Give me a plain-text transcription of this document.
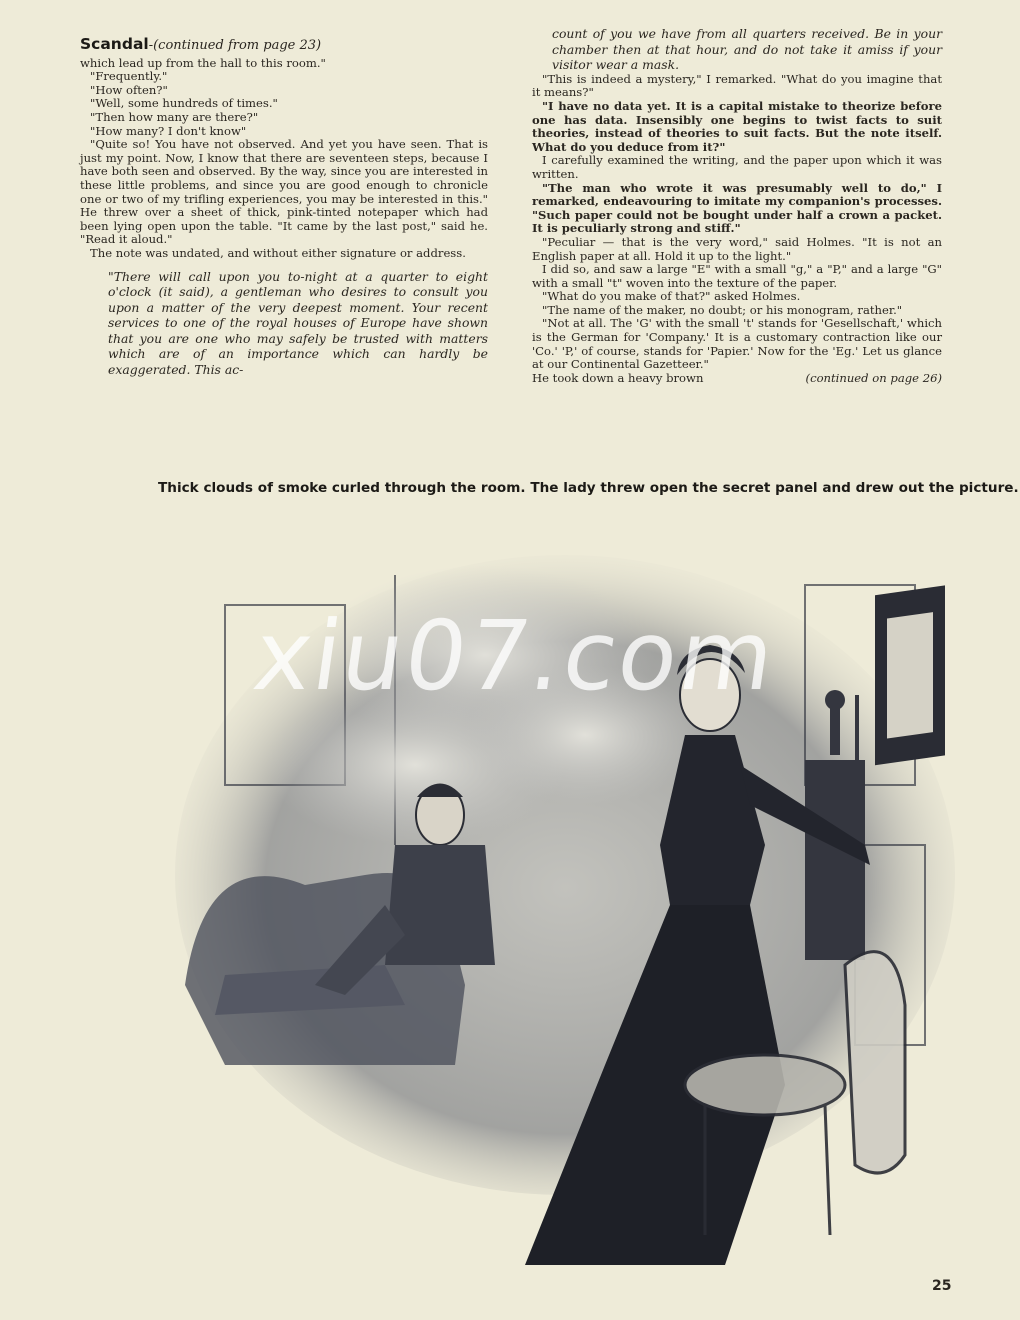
Scandal-(continued from page 23)

which lead up from the hall to this room."

"Frequently."

"How often?"

"Well, some hundreds of times."

"Then how many are there?"

"How many? I don't know"

"Quite so! You have not observed. And yet you have seen. That is just my point. Now, I know that there are seventeen steps, because I have both seen and observed. By the way, since you are interested in these little problems, and since you are good enough to chronicle one or two of my trifling experiences, you may be interested in this." He threw over a sheet of thick, pink-tinted notepaper which had been lying open upon the table. "It came by the last post," said he. "Read it aloud."

The note was undated, and without either signature or address.

"There will call upon you to-night at a quarter to eight o'clock (it said), a gentleman who desires to consult you upon a matter of the very deepest moment. Your recent services to one of the royal houses of Europe have shown that you are one who may safely be trusted with matters which are of an importance which can hardly be exaggerated. This ac-

count of you we have from all quarters received. Be in your chamber then at that hour, and do not take it amiss if your visitor wear a mask.

"This is indeed a mystery," I remarked. "What do you imagine that it means?"

"I have no data yet. It is a capital mistake to theorize before one has data. Insensibly one begins to twist facts to suit theories, instead of theories to suit facts. But the note itself. What do you deduce from it?"

I carefully examined the writing, and the paper upon which it was written.

"The man who wrote it was presumably well to do," I remarked, endeavouring to imitate my companion's processes. "Such paper could not be bought under half a crown a packet. It is peculiarly strong and stiff."

"Peculiar — that is the very word," said Holmes. "It is not an English paper at all. Hold it up to the light."

I did so, and saw a large "E" with a small "g," a "P," and a large "G" with a small "t" woven into the texture of the paper.

"What do you make of that?" asked Holmes.

"The name of the maker, no doubt; or his monogram, rather."

"Not at all. The 'G' with the small 't' stands for 'Gesellschaft,' which is the German for 'Company.' It is a customary contraction like our 'Co.' 'P,' of course, stands for 'Papier.' Now for the 'Eg.' Let us glance at our Continental Gazetteer."

He took down a heavy brown	(continued on page 26)
Thick clouds of smoke curled through the room. The lady threw open the secret panel and drew out the picture.
xiu07.com
25
